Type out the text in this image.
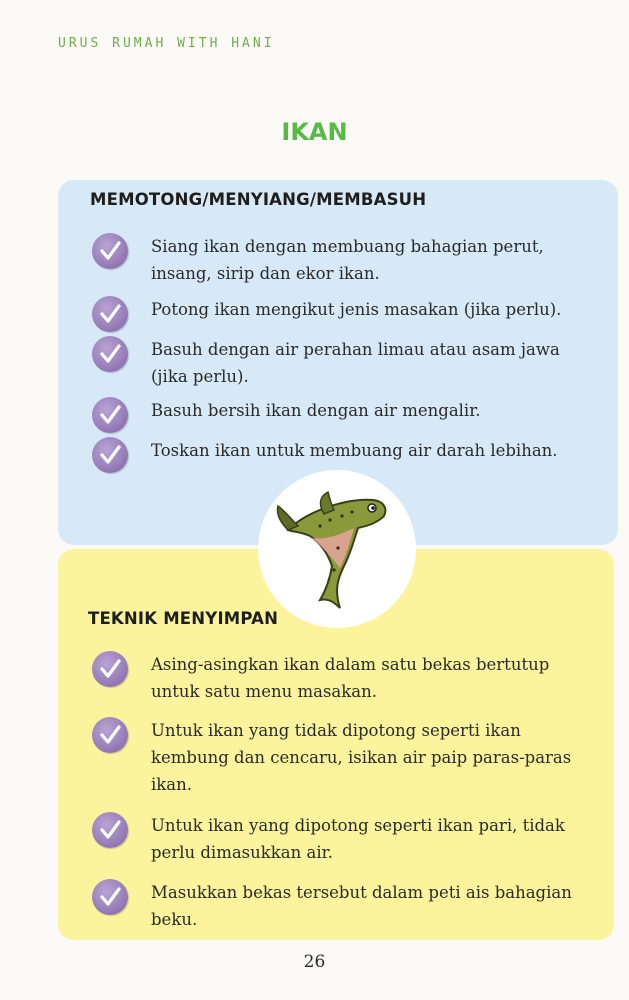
URUS RUMAH WITH HANI
IKAN
MEMOTONG/MENYIANG/MEMBASUH
Siang ikan dengan membuang bahagian perut, insang, sirip dan ekor ikan.
Potong ikan mengikut jenis masakan (jika perlu).
Basuh dengan air perahan limau atau asam jawa (jika perlu).
Basuh bersih ikan dengan air mengalir.
Toskan ikan untuk membuang air darah lebihan.
TEKNIK MENYIMPAN
Asing-asingkan ikan dalam satu bekas bertutup untuk satu menu masakan.
Untuk ikan yang tidak dipotong seperti ikan kembung dan cencaru, isikan air paip paras-paras ikan.
Untuk ikan yang dipotong seperti ikan pari, tidak perlu dimasukkan air.
Masukkan bekas tersebut dalam peti ais bahagian beku.
26
